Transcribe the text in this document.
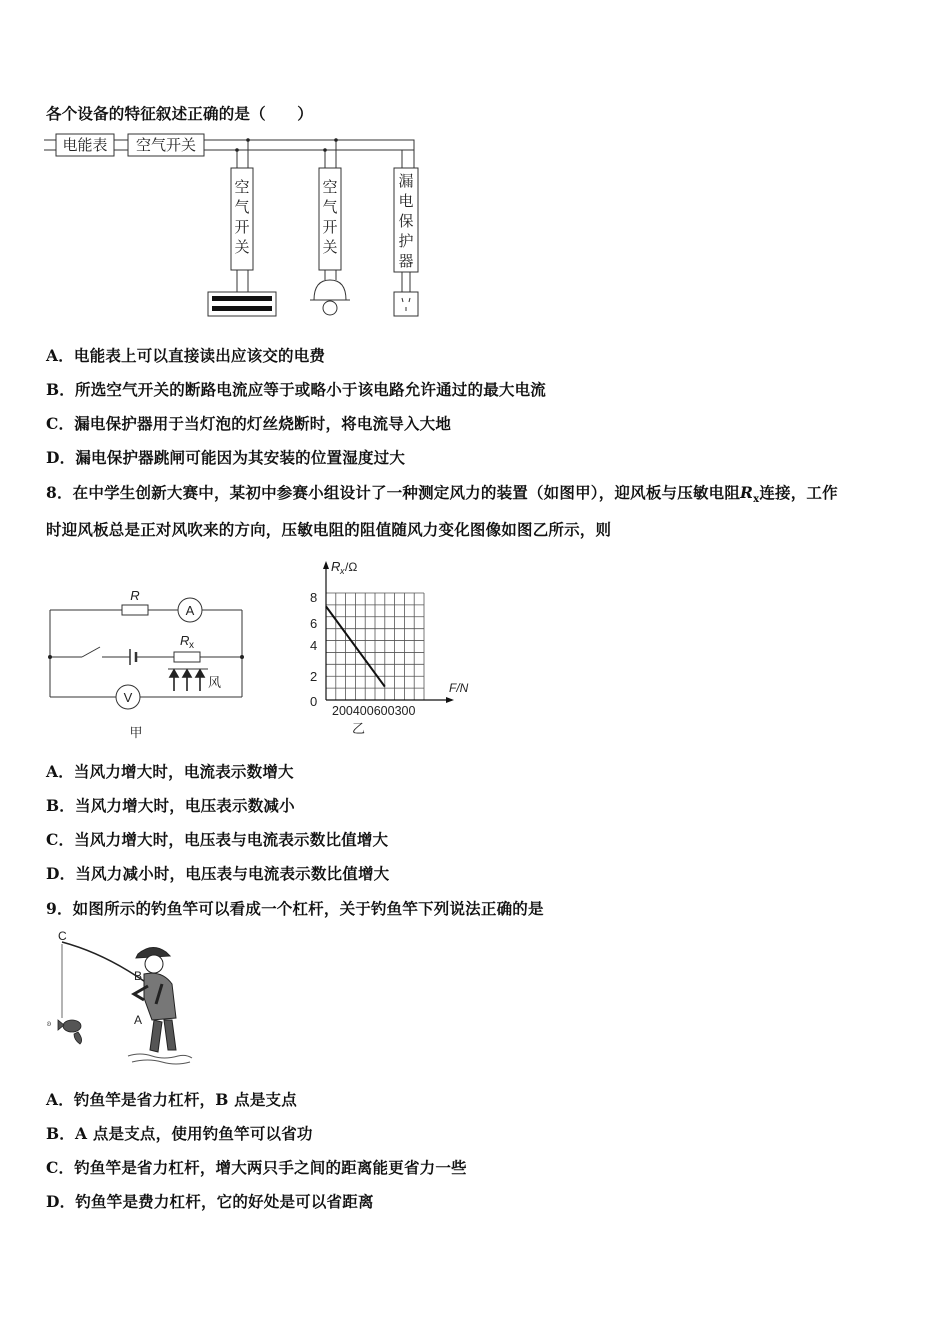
各个设备的特征叙述正确的是（　　）
电能表 空气开关
空
气
开
关
空
气
开
关
漏
电
保
护
器
A．电能表上可以直接读出应该交的电费
B．所选空气开关的断路电流应等于或略小于该电路允许通过的最大电流
C．漏电保护器用于当灯泡的灯丝烧断时，将电流导入大地
D．漏电保护器跳闸可能因为其安装的位置湿度过大
8．在中学生创新大赛中，某初中参赛小组设计了一种测定风力的装置（如图甲），迎风板与压敏电阻$R_x$连接，工作
时迎风板总是正对风吹来的方向，压敏电阻的阻值随风力变化图像如图乙所示，则
R
A
R x
风
V
甲
R x /Ω
F/N
8
6
4
2
0
200400600300
乙
A．当风力增大时，电流表示数增大
B．当风力增大时，电压表示数减小
C．当风力增大时，电压表与电流表示数比值增大
D．当风力减小时，电压表与电流表示数比值增大
9．如图所示的钓鱼竿可以看成一个杠杆，关于钓鱼竿下列说法正确的是
ʚ
C
B
A
A．钓鱼竿是省力杠杆，B 点是支点
B．A 点是支点，使用钓鱼竿可以省功
C．钓鱼竿是省力杠杆，增大两只手之间的距离能更省力一些
D．钓鱼竿是费力杠杆，它的好处是可以省距离
